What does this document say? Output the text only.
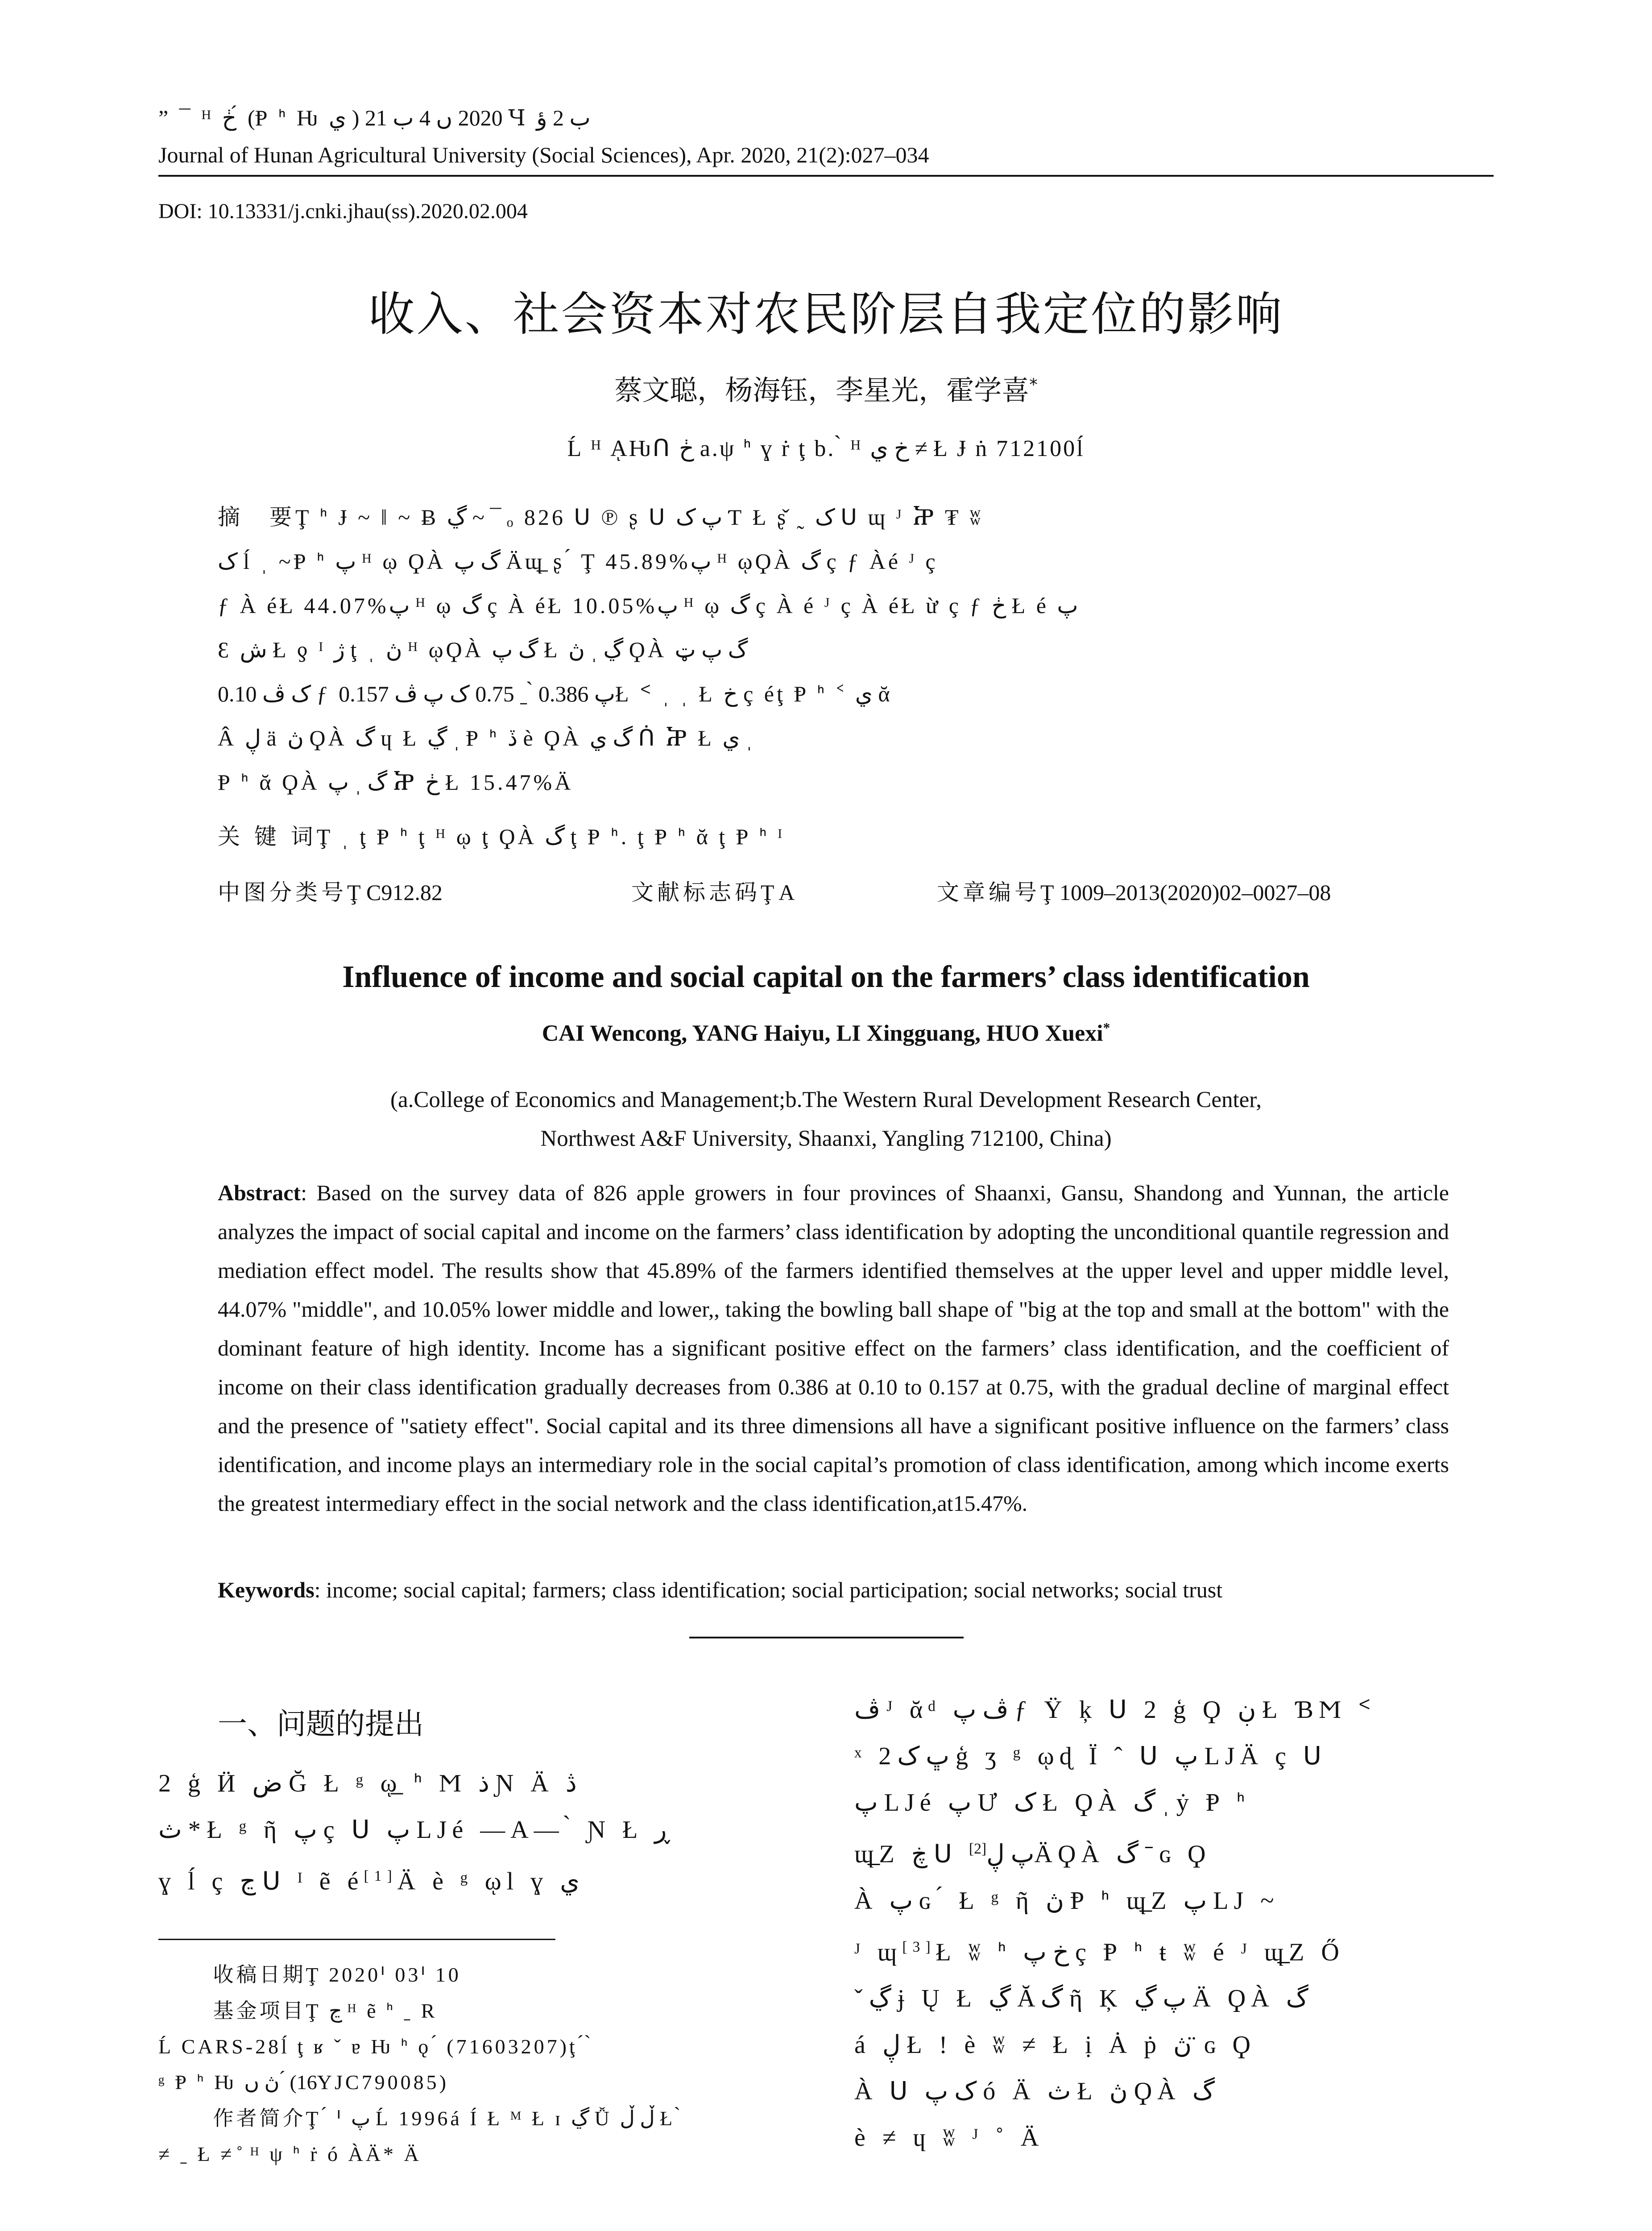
” ¯ ᴴ ڂ ́ (Ᵽ ᑋ Ƕ ي ) 2020 ں 4 ب 21 Ɥ ب 2 ؤ
Journal of Hunan Agricultural University (Social Sciences), Apr. 2020, 21(2):027–034
DOI: 10.13331/j.cnki.jhau(ss).2020.02.004
收入、社会资本对农民阶层自我定位的影响
蔡文聪，杨海钰，李星光，霍学喜*
Ĺ ᴴ ᾼǶᑎ ڂ a.ψ ᑋ ɣ ṙ ţ b. ̀ ᴴ خ ي ≠ Ł Ɉ ṅ 712100ĺ
摘　要Ţ ᑋ Ɉ ~ ǁ ~ Ƀ ڲ ~ ¯ ₒ 826 ᑌ ℗ ʂ ᑌ پ ک Ƭ Ł ʂ̌ ˷ ک ᑌ ɰ ᴶ Ⴟ ₮ ʬ
ک ĺ ˌ ~Ᵽ ᑋ پ ᴴ ῳ ϘÀ گ پ Äɰ̲ ʂ ́ Ţ 45.89%پ ᴴ ῳϘÀ گ ç ƒ Àé ᴶ ç
ƒ À éŁ 44.07%پ ᴴ ῳ گ ç À éŁ 10.05%پ ᴴ ῳ گ ç À é ᴶ ç À éŁ ừ ç ƒ ڂ Ł é پ
Ɛ ش Ł ƍ ᴵ ژ ţ ˌ ڽ ᴴ ῳϘÀ گ پ Ł ڲ ˌ ڽ ϘÀ گ پ ټ
0.10 ک ڤ ƒ پ 0.386 ̀ ˍ 0.75 ک پ ڤ 0.157Ł ᑉ ˌ ˌ Ł خ ç éţ Ᵽ ᑋ ᑉ ي ᾰ
Â ڸ ä ڽ ϘÀ گ ɥ Ł ڲ ˌ Ᵽ ᑋ ڏ è ϘÀ گ ي ᑏ Ⴟ Ł ي ˌ
Ᵽ ᑋ ᾰ ϘÀ گ ˌ پ Ⴟ ڂ Ł 15.47%Ä
关 键 词Ţ ˌ ţ Ᵽ ᑋ ţ ᴴ ῳ ţ ϘÀ گ ţ Ᵽ ᑋ. ţ Ᵽ ᑋ ᾰ ţ Ᵽ ᑋ ᴵ
中图分类号Ţ C912.82	文献标志码Ţ A	文章编号Ţ 1009–2013(2020)02–0027–08
Influence of income and social capital on the farmers’ class identification
CAI Wencong, YANG Haiyu, LI Xingguang, HUO Xuexi*
(a.College of Economics and Management;b.The Western Rural Development Research Center,
Northwest A&F University, Shaanxi, Yangling 712100, China)
Abstract: Based on the survey data of 826 apple growers in four provinces of Shaanxi, Gansu, Shandong and Yunnan, the article analyzes the impact of social capital and income on the farmers’ class identification by adopting the unconditional quantile regression and mediation effect model. The results show that 45.89% of the farmers identified themselves at the upper level and upper middle level, 44.07% "middle", and 10.05% lower middle and lower,, taking the bowling ball shape of "big at the top and small at the bottom" with the dominant feature of high identity. Income has a significant positive effect on the farmers’ class identification, and the coefficient of income on their class identification gradually decreases from 0.386 at 0.10 to 0.157 at 0.75, with the gradual decline of marginal effect and the presence of "satiety effect". Social capital and its three dimensions all have a significant positive influence on the farmers’ class identification, and income plays an intermediary role in the social capital’s promotion of class identification, among which income exerts the greatest intermediary effect in the social network and the class identification,at15.47%.
Keywords: income; social capital; farmers; class identification; social participation; social networks; social trust
一、问题的提出
2 ģ Ӥ ض Ğ Ł ᵍ ῳ̲ ᑋ Ϻ ذ Ɲ Ä ڎ
ث * Ł ᵍ ῆ پ ç ᑌ پ LJé —A— ̀ Ɲ Ł ڕ
ɣ ĺ ç ڃ ᑌ ᴵ ẽ é[1]Ä è ᵍ ῳl ɣ ي
ڤ ᴶ ᾰᵈ ڤ پ ƒ Ÿ ķ ᑌ 2 ģ Ϙ ڹ Ł ƁϺ ᑉ
ˣ ڀ ک 2 ģ ʒ ᵍ ῳɖ Ï ˆ ᑌ پ LJÄ ç ᑌ
پ LJé پ Ư ک Ł ϘÀ گ ˌ ẏ Ᵽ ᑋ
ɰ̲Z ڿ ᑌ پ ڸ[2] ÄϘÀ گ ˉ ɢ Ϙ
À پ ɢ ́ Ł ᵍ ῆ ڽ Ᵽ ᑋ ɰ̲Z پ LJ ~
ᴶ ɰ[3]Ł ʬ ᑋ خ پ ç Ᵽ ᑋ ŧ ʬ é ᴶ ɰ̲Z Ő
ˇ ڲ ɉ Ų Ł ڲ Ăگ ῆ Ķ پ ڲ Ä ϘÀ گ
á ڸ Ł ! è ʬ ≠ Ł ị Ȧ ṗ ڽ ̈ ɢ Ϙ
À ᑌ ک پ ó Ä ث Ł ڽ ϘÀ گ
è ≠ ɥ ʬ ᴶ ˚ Ä
收稿日期Ţ 2020ᑊ 03ᑊ 10
基金项目Ţ ڃ ᴴ ẽ ᑋ ˍ R
Ĺ CARS-28ĺ ţ ʁ ˇ ɐ Ƕ ᑋ ǫ ́ (71603207)ţ ́ ̀
ᵍ Ᵽ ᑋ Ƕ ڽ ں ́ (16YJC790085)
作者简介Ţ ́ ᑊ پ Ĺ 1996á Í Ł ᴹ Ł ɪ ڲ Ǚ ڵ ڵ Ł ̀
≠ ˍ Ł ≠ ̊ ᴴ ψ ᑋ ṙ ó ÀÄ* Ä
